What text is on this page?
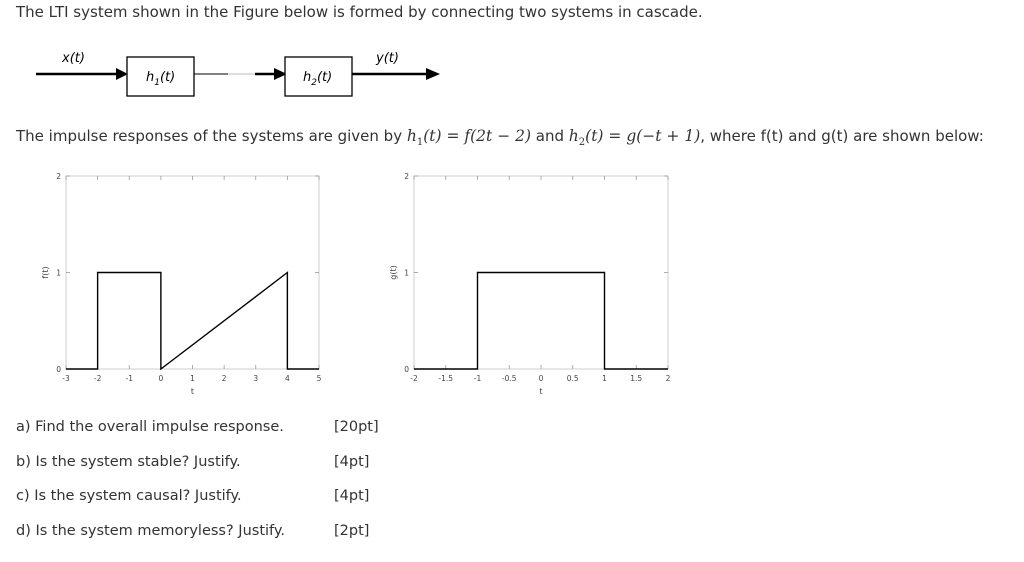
The LTI system shown in the Figure below is formed by connecting two systems in cascade.
x(t)
$h_1(t)$	$h_2(t)$
y(t)
The impulse responses of the systems are given by $h_1(t) = f(2t - 2)$ and $h_2(t) = g(-t + 1)$, where f(t) and g(t) are shown below:
-3	-2	-1	0	1	2	3	4	5
0
1
2
t
f(t)
-2	-1.5	-1	-0.5	0	0.5	1	1.5	2
0
1
2
t
g(t)
a) Find the overall impulse response.	[20pt]
b) Is the system stable? Justify.	[4pt]
c) Is the system causal? Justify.	[4pt]
d) Is the system memoryless? Justify.	[2pt]
